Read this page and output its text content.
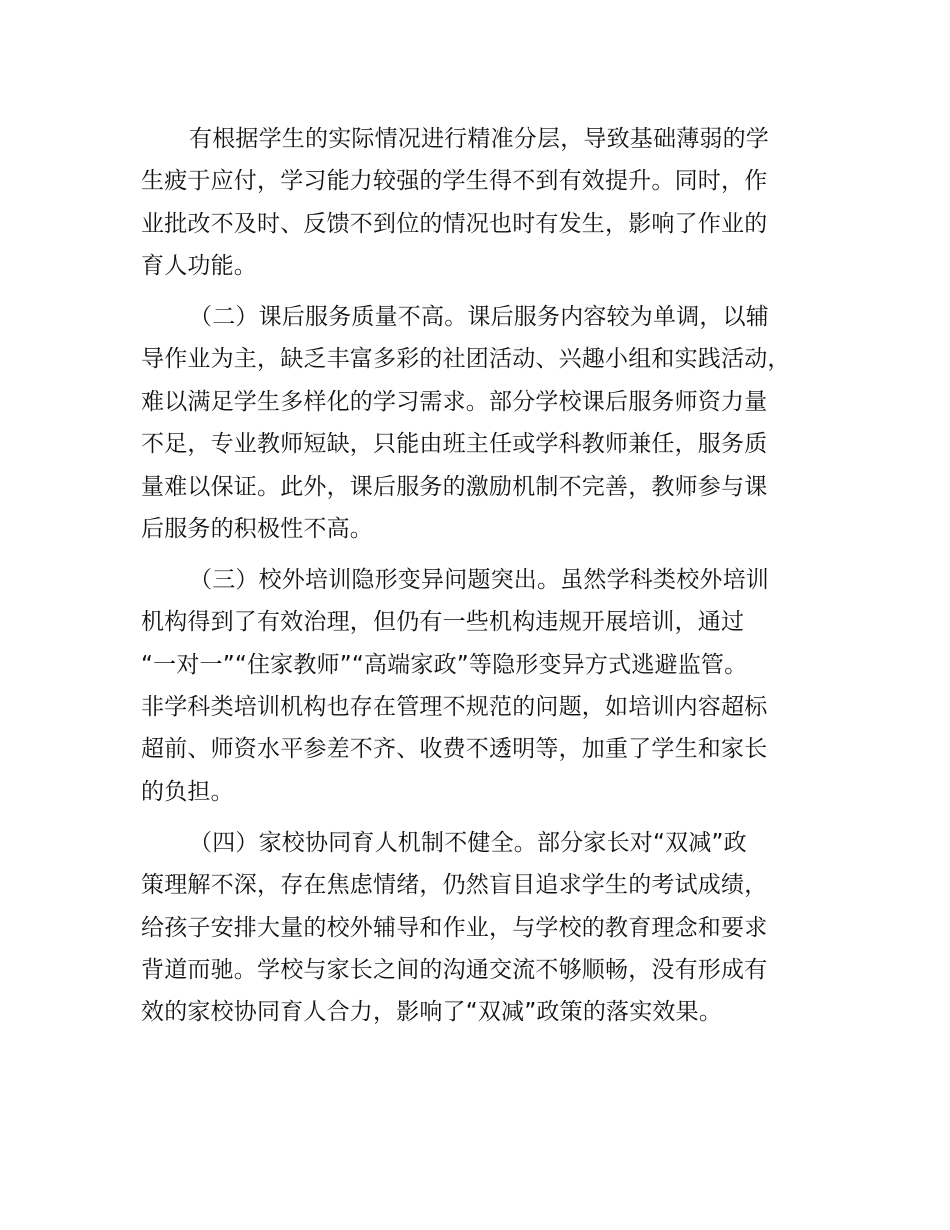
有根据学生的实际情况进行精准分层，导致基础薄弱的学
生疲于应付，学习能力较强的学生得不到有效提升。同时，作
业批改不及时、反馈不到位的情况也时有发生，影响了作业的
育人功能。
（二）课后服务质量不高。课后服务内容较为单调，以辅
导作业为主，缺乏丰富多彩的社团活动、兴趣小组和实践活动，
难以满足学生多样化的学习需求。部分学校课后服务师资力量
不足，专业教师短缺，只能由班主任或学科教师兼任，服务质
量难以保证。此外，课后服务的激励机制不完善，教师参与课
后服务的积极性不高。
（三）校外培训隐形变异问题突出。虽然学科类校外培训
机构得到了有效治理，但仍有一些机构违规开展培训，通过
“一对一”“住家教师”“高端家政”等隐形变异方式逃避监管。
非学科类培训机构也存在管理不规范的问题，如培训内容超标
超前、师资水平参差不齐、收费不透明等，加重了学生和家长
的负担。
（四）家校协同育人机制不健全。部分家长对“双减”政
策理解不深，存在焦虑情绪，仍然盲目追求学生的考试成绩，
给孩子安排大量的校外辅导和作业，与学校的教育理念和要求
背道而驰。学校与家长之间的沟通交流不够顺畅，没有形成有
效的家校协同育人合力，影响了“双减”政策的落实效果。
